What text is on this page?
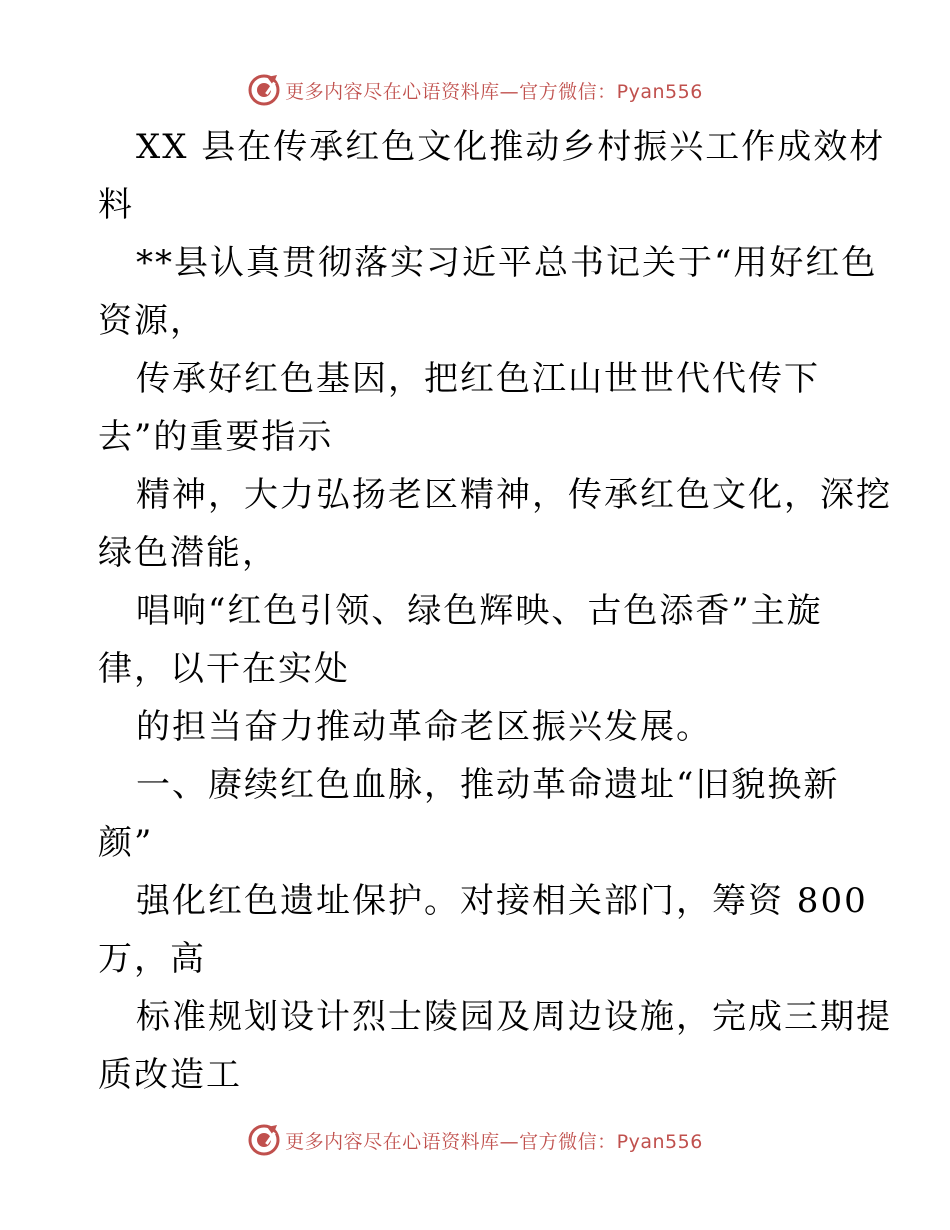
更多内容尽在心语资料库—官方微信：Pyan556
XX 县在传承红色文化推动乡村振兴工作成效材
料
**县认真贯彻落实习近平总书记关于“用好红色
资源，
传承好红色基因，把红色江山世世代代传下
去”的重要指示
精神，大力弘扬老区精神，传承红色文化，深挖
绿色潜能，
唱响“红色引领、绿色辉映、古色添香”主旋
律，以干在实处
的担当奋力推动革命老区振兴发展。
一、赓续红色血脉，推动革命遗址“旧貌换新
颜”
强化红色遗址保护。对接相关部门，筹资 800
万，高
标准规划设计烈士陵园及周边设施，完成三期提
质改造工
更多内容尽在心语资料库—官方微信：Pyan556
